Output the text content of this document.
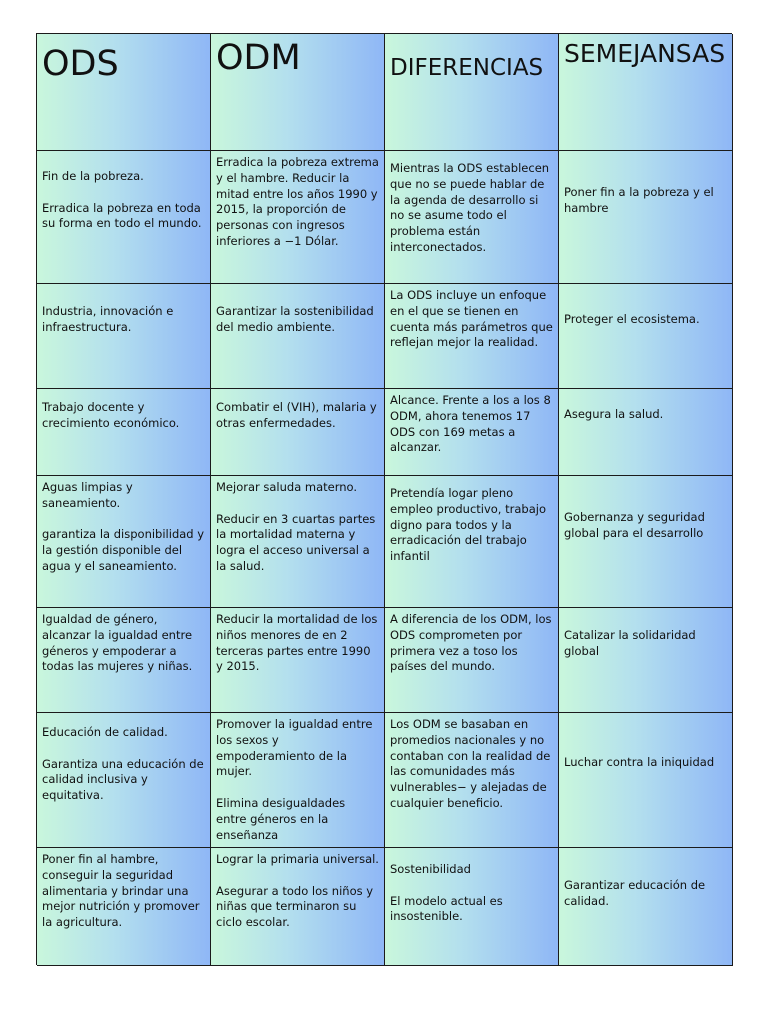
ODS	ODM	DIFERENCIAS SEMEJANSAS
Fin de la pobreza.

Erradica la pobreza en toda su forma en todo el mundo.
Erradica la pobreza extrema y el hambre. Reducir la mitad entre los años 1990 y 2015, la proporción de personas con ingresos inferiores a −1 Dólar.
Mientras la ODS establecen que no se puede hablar de la agenda de desarrollo si no se asume todo el problema están interconectados.
Poner fin a la pobreza y el hambre
Industria, innovación e infraestructura.
Garantizar la sostenibilidad del medio ambiente.
La ODS incluye un enfoque en el que se tienen en cuenta más parámetros que reflejan mejor la realidad.
Proteger el ecosistema.
Trabajo docente y crecimiento económico.
Combatir el (VIH), malaria y otras enfermedades.
Alcance. Frente a los a los 8 ODM, ahora tenemos 17 ODS con 169 metas a alcanzar.
Asegura la salud.
Aguas limpias y saneamiento.

garantiza la disponibilidad y la gestión disponible del agua y el saneamiento.
Mejorar saluda materno.

Reducir en 3 cuartas partes la mortalidad materna y logra el acceso universal a la salud.
Pretendía logar pleno empleo productivo, trabajo digno para todos y la erradicación del trabajo infantil
Gobernanza y seguridad global para el desarrollo
Igualdad de género, alcanzar la igualdad entre géneros y empoderar a todas las mujeres y niñas.
Reducir la mortalidad de los niños menores de en 2 terceras partes entre 1990 y 2015.
A diferencia de los ODM, los ODS comprometen por primera vez a toso los países del mundo.
Catalizar la solidaridad global
Educación de calidad.

Garantiza una educación de calidad inclusiva y equitativa.
Promover la igualdad entre los sexos y empoderamiento de la mujer.

Elimina desigualdades entre géneros en la enseñanza
Los ODM se basaban en promedios nacionales y no contaban con la realidad de las comunidades más vulnerables− y alejadas de cualquier beneficio.
Luchar contra la iniquidad
Poner fin al hambre, conseguir la seguridad alimentaria y brindar una mejor nutrición y promover la agricultura.
Lograr la primaria universal.

Asegurar a todo los niños y niñas que terminaron su ciclo escolar.
Sostenibilidad

El modelo actual es insostenible.
Garantizar educación de calidad.
